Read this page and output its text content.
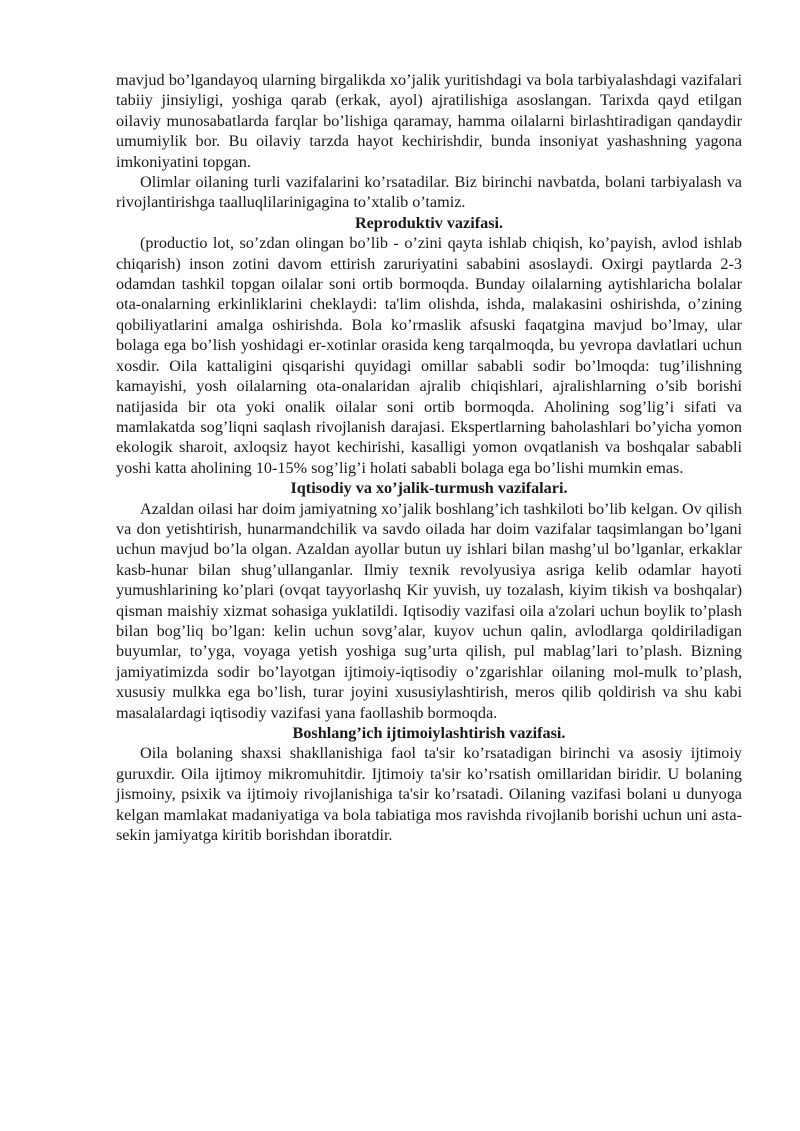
mavjud bo’lgandayoq ularning birgalikda xo’jalik yuritishdagi va bola tarbiyalashdagi vazifalari tabiiy jinsiyligi, yoshiga qarab (erkak, ayol) ajratilishiga asoslangan. Tarixda qayd etilgan oilaviy munosabatlarda farqlar bo’lishiga qaramay, hamma oilalarni birlashtiradigan qandaydir umumiylik bor. Bu oilaviy tarzda hayot kechirishdir, bunda insoniyat yashashning yagona imkoniyatini topgan.

Olimlar oilaning turli vazifalarini ko’rsatadilar. Biz birinchi navbatda, bolani tarbiyalash va rivojlantirishga taalluqlilarinigagina to’xtalib o’tamiz.

Reproduktiv vazifasi.

(productio lot, so’zdan olingan bo’lib - o’zini qayta ishlab chiqish, ko’payish, avlod ishlab chiqarish) inson zotini davom ettirish zaruriyatini sababini asoslaydi. Oxirgi paytlarda 2-3 odamdan tashkil topgan oilalar soni ortib bormoqda. Bunday oilalarning aytishlaricha bolalar ota-onalarning erkinliklarini cheklaydi: ta'lim olishda, ishda, malakasini oshirishda, o’zining qobiliyatlarini amalga oshirishda. Bola ko’rmaslik afsuski faqatgina mavjud bo’lmay, ular bolaga ega bo’lish yoshidagi er-xotinlar orasida keng tarqalmoqda, bu yevropa davlatlari uchun xosdir. Oila kattaligini qisqarishi quyidagi omillar sababli sodir bo’lmoqda: tug’ilishning kamayishi, yosh oilalarning ota-onalaridan ajralib chiqishlari, ajralishlarning o’sib borishi natijasida bir ota yoki onalik oilalar soni ortib bormoqda. Aholining sog’lig’i sifati va mamlakatda sog’liqni saqlash rivojlanish darajasi. Ekspertlarning baholashlari bo’yicha yomon ekologik sharoit, axloqsiz hayot kechirishi, kasalligi yomon ovqatlanish va boshqalar sababli yoshi katta aholining 10-15% sog’lig’i holati sababli bolaga ega bo’lishi mumkin emas.

Iqtisodiy va xo’jalik-turmush vazifalari.

Azaldan oilasi har doim jamiyatning xo’jalik boshlang’ich tashkiloti bo’lib kelgan. Ov qilish va don yetishtirish, hunarmandchilik va savdo oilada har doim vazifalar taqsimlangan bo’lgani uchun mavjud bo’la olgan. Azaldan ayollar butun uy ishlari bilan mashg’ul bo’lganlar, erkaklar kasb-hunar bilan shug’ullanganlar. Ilmiy texnik revolyusiya asriga kelib odamlar hayoti yumushlarining ko’plari (ovqat tayyorlashq Kir yuvish, uy tozalash, kiyim tikish va boshqalar) qisman maishiy xizmat sohasiga yuklatildi. Iqtisodiy vazifasi oila a'zolari uchun boylik to’plash bilan bog’liq bo’lgan: kelin uchun sovg’alar, kuyov uchun qalin, avlodlarga qoldiriladigan buyumlar, to’yga, voyaga yetish yoshiga sug’urta qilish, pul mablag’lari to’plash. Bizning jamiyatimizda sodir bo’layotgan ijtimoiy-iqtisodiy o’zgarishlar oilaning mol-mulk to’plash, xususiy mulkka ega bo’lish, turar joyini xususiylashtirish, meros qilib qoldirish va shu kabi masalalardagi iqtisodiy vazifasi yana faollashib bormoqda.

Boshlang’ich ijtimoiylashtirish vazifasi.

Oila bolaning shaxsi shakllanishiga faol ta'sir ko’rsatadigan birinchi va asosiy ijtimoiy guruxdir. Oila ijtimoy mikromuhitdir. Ijtimoiy ta'sir ko’rsatish omillaridan biridir. U bolaning jismoiny, psixik va ijtimoiy rivojlanishiga ta'sir ko’rsatadi. Oilaning vazifasi bolani u dunyoga kelgan mamlakat madaniyatiga va bola tabiatiga mos ravishda rivojlanib borishi uchun uni asta-sekin jamiyatga kiritib borishdan iboratdir.
